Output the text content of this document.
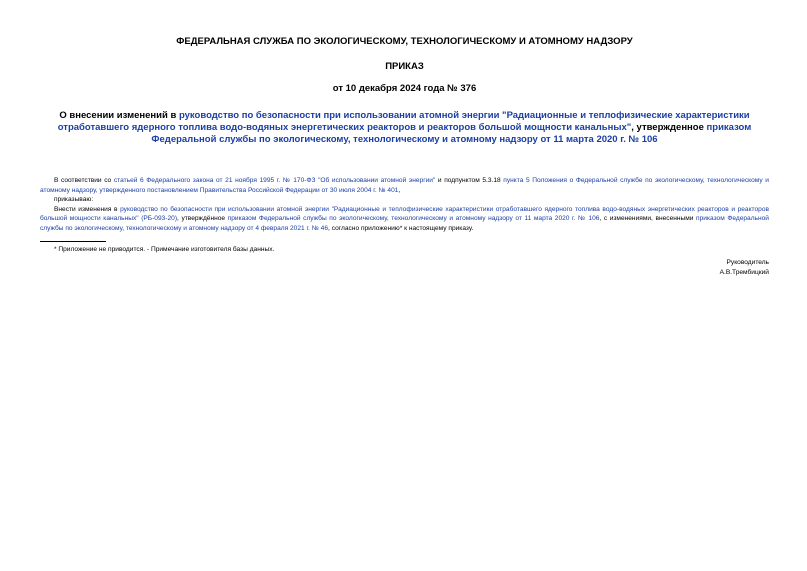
ФЕДЕРАЛЬНАЯ СЛУЖБА ПО ЭКОЛОГИЧЕСКОМУ, ТЕХНОЛОГИЧЕСКОМУ И АТОМНОМУ НАДЗОРУ

ПРИКАЗ

от 10 декабря 2024 года № 376

О внесении изменений в руководство по безопасности при использовании атомной энергии "Радиационные и теплофизические характеристики отработавшего ядерного топлива водо-водяных энергетических реакторов и реакторов большой мощности канальных", утвержденное приказом Федеральной службы по экологическому, технологическому и атомному надзору от 11 марта 2020 г. № 106

В соответствии со статьей 6 Федерального закона от 21 ноября 1995 г. № 170-ФЗ "Об использовании атомной энергии" и подпунктом 5.3.18 пункта 5 Положения о Федеральной службе по экологическому, технологическому и атомному надзору, утвержденного постановлением Правительства Российской Федерации от 30 июля 2004 г. № 401,

приказываю:

Внести изменения в руководство по безопасности при использовании атомной энергии "Радиационные и теплофизические характеристики отработавшего ядерного топлива водо-водяных энергетических реакторов и реакторов большой мощности канальных" (РБ-093-20), утверждённое приказом Федеральной службы по экологическому, технологическому и атомному надзору от 11 марта 2020 г. № 106, с изменениями, внесенными приказом Федеральной службы по экологическому, технологическому и атомному надзору от 4 февраля 2021 г. № 46, согласно приложению* к настоящему приказу.

* Приложение не приводится. - Примечание изготовителя базы данных.

Руководитель
А.В.Трембицкий
